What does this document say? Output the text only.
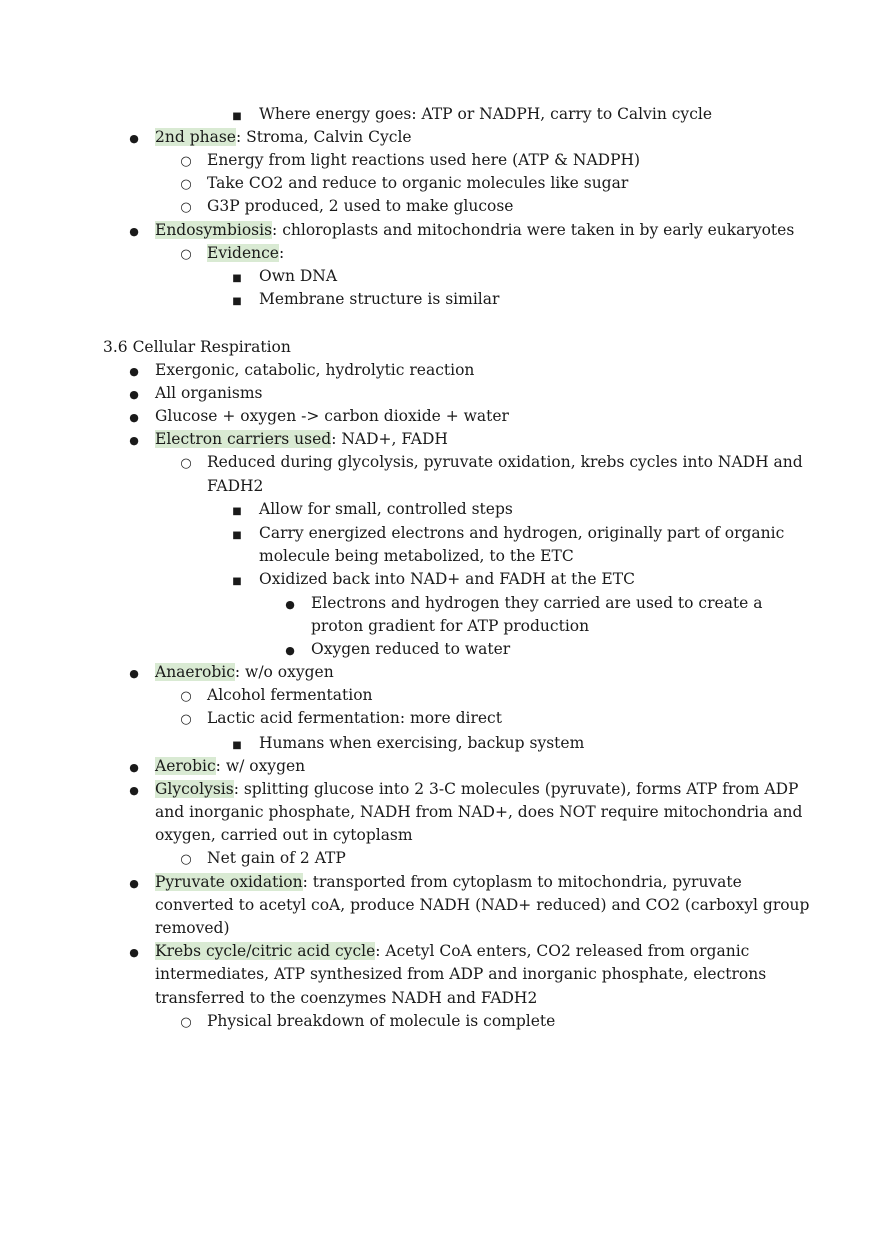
■
Where energy goes: ATP or NADPH, carry to Calvin cycle
●
2nd phase: Stroma, Calvin Cycle
○
Energy from light reactions used here (ATP & NADPH)
○
Take CO2 and reduce to organic molecules like sugar
○
G3P produced, 2 used to make glucose
●
Endosymbiosis: chloroplasts and mitochondria were taken in by early eukaryotes
○
Evidence:
■
Own DNA
■
Membrane structure is similar
3.6 Cellular Respiration
●
Exergonic, catabolic, hydrolytic reaction
●
All organisms
●
Glucose + oxygen -> carbon dioxide + water
●
Electron carriers used: NAD+, FADH
○
Reduced during glycolysis, pyruvate oxidation, krebs cycles into NADH and
FADH2
■
Allow for small, controlled steps
■
Carry energized electrons and hydrogen, originally part of organic
molecule being metabolized, to the ETC
■
Oxidized back into NAD+ and FADH at the ETC
●
Electrons and hydrogen they carried are used to create a
proton gradient for ATP production
●
Oxygen reduced to water
●
Anaerobic: w/o oxygen
○
Alcohol fermentation
○
Lactic acid fermentation: more direct
■
Humans when exercising, backup system
●
Aerobic: w/ oxygen
●
Glycolysis: splitting glucose into 2 3-C molecules (pyruvate), forms ATP from ADP
and inorganic phosphate, NADH from NAD+, does NOT require mitochondria and
oxygen, carried out in cytoplasm
○
Net gain of 2 ATP
●
Pyruvate oxidation: transported from cytoplasm to mitochondria, pyruvate
converted to acetyl coA, produce NADH (NAD+ reduced) and CO2 (carboxyl group
removed)
●
Krebs cycle/citric acid cycle: Acetyl CoA enters, CO2 released from organic
intermediates, ATP synthesized from ADP and inorganic phosphate, electrons
transferred to the coenzymes NADH and FADH2
○
Physical breakdown of molecule is complete
